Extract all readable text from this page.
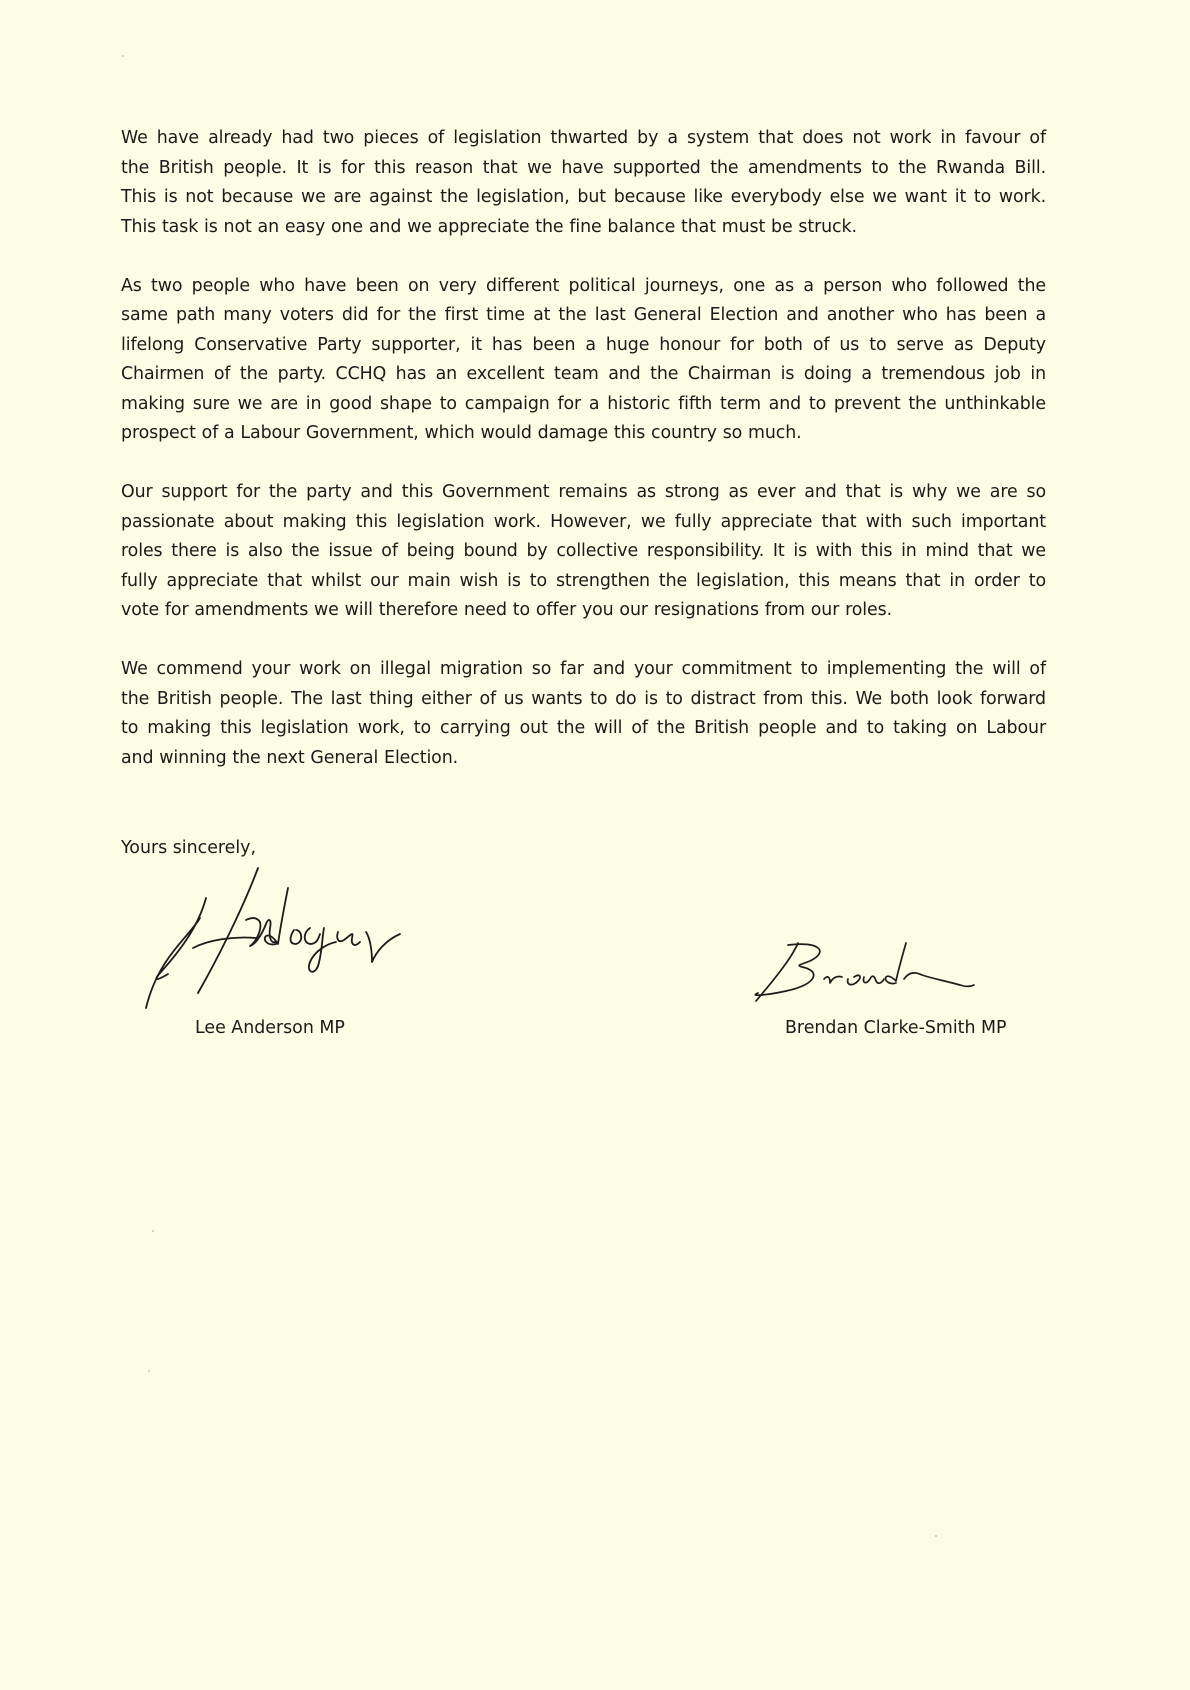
We have already had two pieces of legislation thwarted by a system that does not work in favour of
the British people. It is for this reason that we have supported the amendments to the Rwanda Bill.
This is not because we are against the legislation, but because like everybody else we want it to work.
This task is not an easy one and we appreciate the fine balance that must be struck.

As two people who have been on very different political journeys, one as a person who followed the
same path many voters did for the first time at the last General Election and another who has been a
lifelong Conservative Party supporter, it has been a huge honour for both of us to serve as Deputy
Chairmen of the party. CCHQ has an excellent team and the Chairman is doing a tremendous job in
making sure we are in good shape to campaign for a historic fifth term and to prevent the unthinkable
prospect of a Labour Government, which would damage this country so much.

Our support for the party and this Government remains as strong as ever and that is why we are so
passionate about making this legislation work. However, we fully appreciate that with such important
roles there is also the issue of being bound by collective responsibility. It is with this in mind that we
fully appreciate that whilst our main wish is to strengthen the legislation, this means that in order to
vote for amendments we will therefore need to offer you our resignations from our roles.

We commend your work on illegal migration so far and your commitment to implementing the will of
the British people. The last thing either of us wants to do is to distract from this. We both look forward
to making this legislation work, to carrying out the will of the British people and to taking on Labour
and winning the next General Election.

Yours sincerely,
Lee Anderson MP	Brendan Clarke-Smith MP
